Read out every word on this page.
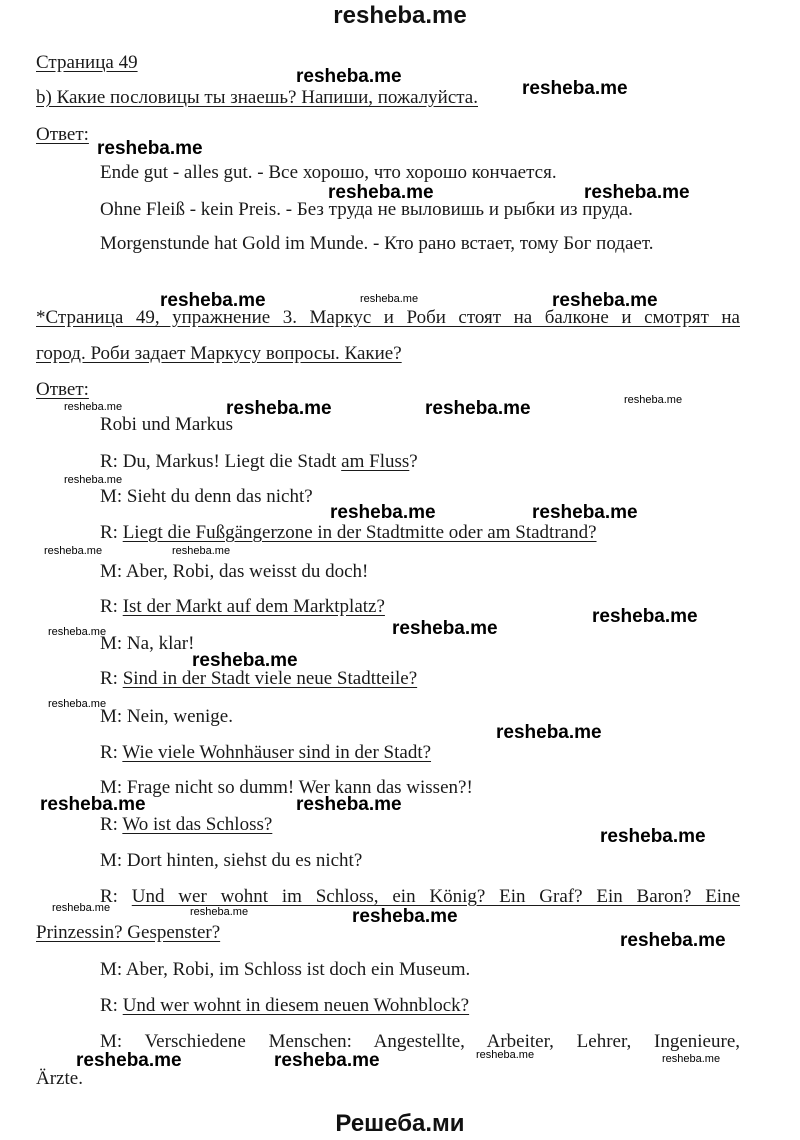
resheba.me
Страница 49
b) Какие пословицы ты знаешь? Напиши, пожалуйста.
Ответ:
Ende gut - alles gut. - Все хорошо, что хорошо кончается.
Ohne Fleiß - kein Preis. - Без труда не выловишь и рыбки из пруда.
Morgenstunde hat Gold im Munde. - Кто рано встает, тому Бог подает.
*Страница 49, упражнение 3. Маркус и Роби стоят на балконе и смотрят на
город. Роби задает Маркусу вопросы. Какие?
Ответ:
Robi und Markus
R: Du, Markus! Liegt die Stadt am Fluss?
M: Sieht du denn das nicht?
R: Liegt die Fußgängerzone in der Stadtmitte oder am Stadtrand?
M: Aber, Robi, das weisst du doch!
R: Ist der Markt auf dem Marktplatz?
M: Na, klar!
R: Sind in der Stadt viele neue Stadtteile?
M: Nein, wenige.
R: Wie viele Wohnhäuser sind in der Stadt?
M: Frage nicht so dumm! Wer kann das wissen?!
R: Wo ist das Schloss?
M: Dort hinten, siehst du es nicht?
R: Und wer wohnt im Schloss, ein König? Ein Graf? Ein Baron? Eine
Prinzessin? Gespenster?
M: Aber, Robi, im Schloss ist doch ein Museum.
R: Und wer wohnt in diesem neuen Wohnblock?
M: Verschiedene Menschen: Angestellte, Arbeiter, Lehrer, Ingenieure,
Ärzte.
resheba.me
resheba.me
resheba.me
resheba.me	resheba.me
resheba.me	resheba.me
resheba.me	resheba.me
resheba.me	resheba.me
resheba.me
resheba.me
resheba.me
resheba.me
resheba.me	resheba.me
resheba.me
resheba.me
resheba.me
resheba.me	resheba.me
resheba.me
resheba.me
resheba.me
resheba.me
resheba.me	resheba.me
resheba.me
resheba.me
resheba.me	resheba.me
resheba.me	resheba.me
Решеба.ми
